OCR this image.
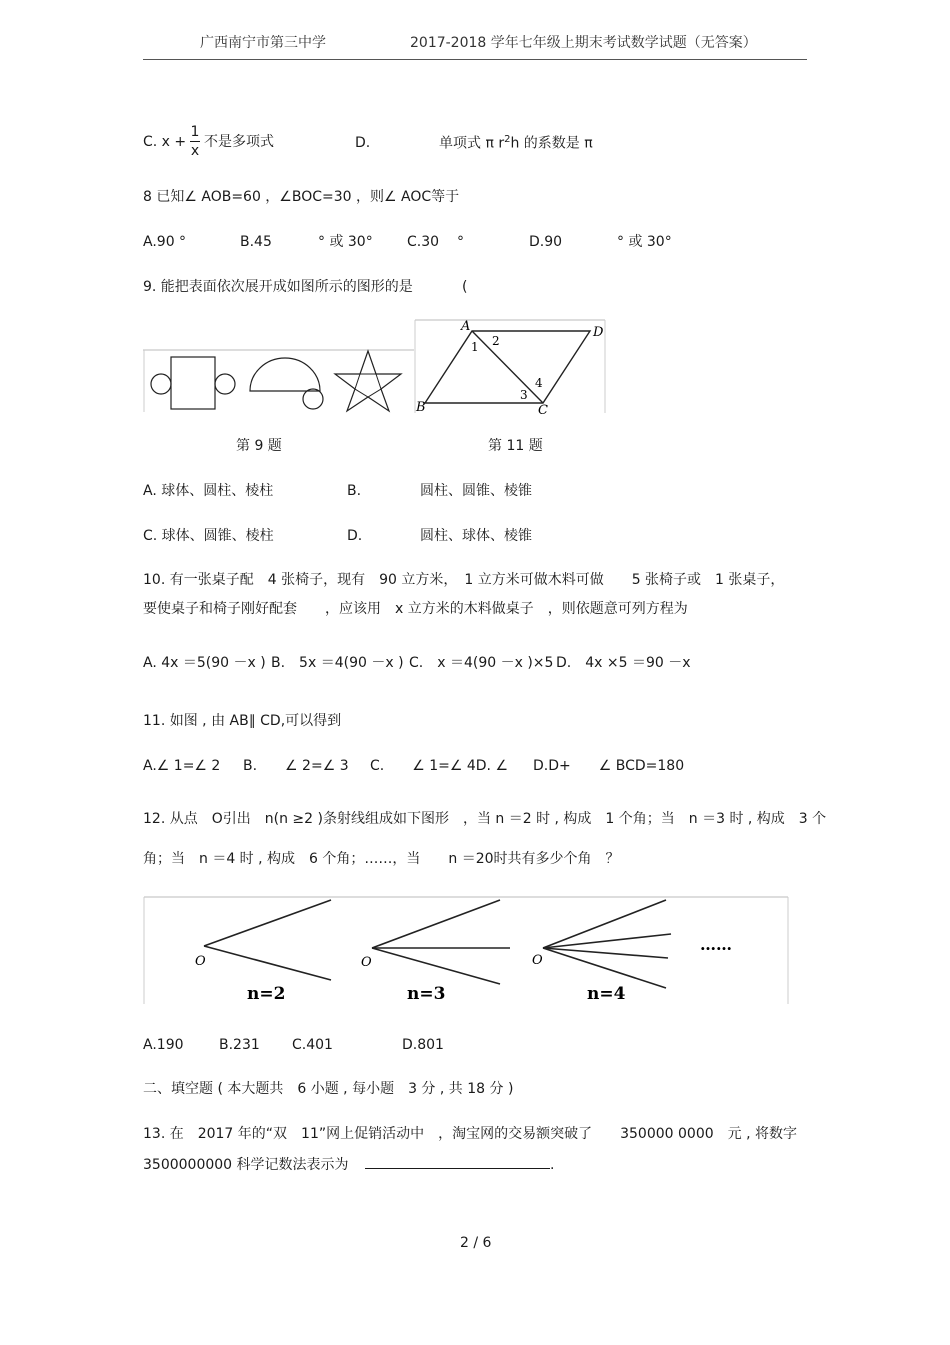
广西南宁市第三中学	2017-2018 学年七年级上期末考试数学试题（无答案）
C. x +
1
x
不是多项式	D.	单项式 π $r^2h$ 的系数是 π
8 已知∠ AOB=60 ，∠BOC=30 ，则∠ AOC等于
A.90 °	B.45	° 或 30° C.30 °	D.90	° 或 30°
9. 能把表面依次展开成如图所示的图形的是	(
A
B	C
D
1 2
3
4
第 9 题	第 11 题
A. 球体、圆柱、棱柱	B.	圆柱、圆锥、棱锥
C. 球体、圆锥、棱柱	D.	圆柱、球体、棱锥
10. 有一张桌子配　4 张椅子，现有　90 立方米，　1 立方米可做木料可做　　5 张椅子或　1 张桌子，
要使桌子和椅子刚好配套　　，应该用　x 立方米的木料做桌子　，则依题意可列方程为
A. 4x ＝5(90 －x ) B.　5x ＝4(90 －x ) C.　x ＝4(90 －x )×5 D.　4x ×5 ＝90 －x
11. 如图 , 由 AB∥ CD,可以得到
A.∠ 1=∠ 2 B.　　∠ 2=∠ 3 C.　　∠ 1=∠ 4D. ∠ D.D+　　∠ BCD=180
12. 从点　O引出　n(n ≥2 )条射线组成如下图形　，当 n ＝2 时 , 构成　1 个角；当　n ＝3 时 , 构成　3 个
角；当　n ＝4 时 , 构成　6 个角；……，当　　n ＝20时共有多少个角　？
O	O	O
……
n=2	n=3	n=4
A.190	B.231 C.401	D.801
二、填空题 ( 本大题共　6 小题 , 每小题　3 分 , 共 18 分 )
13. 在　2017 年的“双　11”网上促销活动中　，淘宝网的交易额突破了　　350000 0000　元 , 将数字
3500000000 科学记数法表示为	.
2 / 6
